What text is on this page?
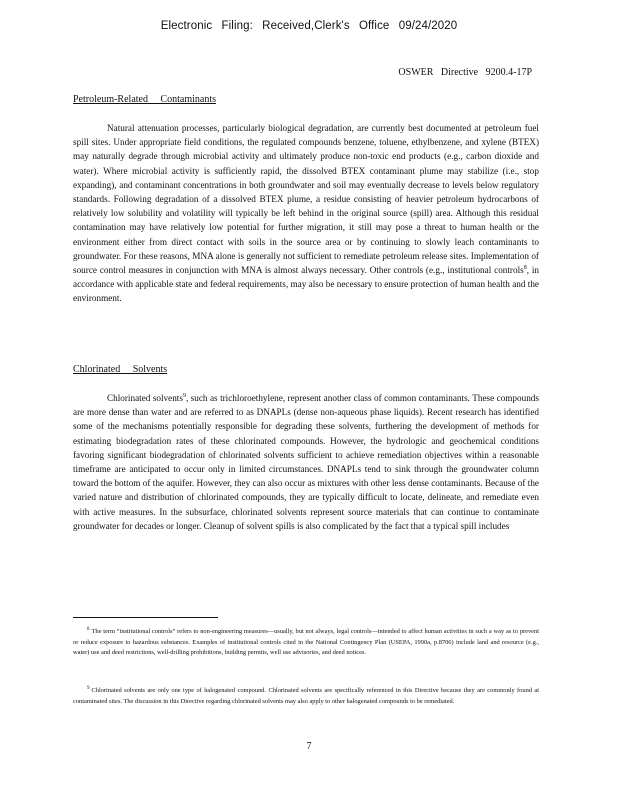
Electronic Filing: Received,Clerk's Office 09/24/2020
OSWER Directive 9200.4-17P
Petroleum-Related Contaminants

Natural attenuation processes, particularly biological degradation, are currently best documented at petroleum fuel spill sites. Under appropriate field conditions, the regulated compounds benzene, toluene, ethylbenzene, and xylene (BTEX) may naturally degrade through microbial activity and ultimately produce non-toxic end products (e.g., carbon dioxide and water). Where microbial activity is sufficiently rapid, the dissolved BTEX contaminant plume may stabilize (i.e., stop expanding), and contaminant concentrations in both groundwater and soil may eventually decrease to levels below regulatory standards. Following degradation of a dissolved BTEX plume, a residue consisting of heavier petroleum hydrocarbons of relatively low solubility and volatility will typically be left behind in the original source (spill) area. Although this residual contamination may have relatively low potential for further migration, it still may pose a threat to human health or the environment either from direct contact with soils in the source area or by continuing to slowly leach contaminants to groundwater. For these reasons, MNA alone is generally not sufficient to remediate petroleum release sites. Implementation of source control measures in conjunction with MNA is almost always necessary. Other controls (e.g., institutional controls$^8$, in accordance with applicable state and federal requirements, may also be necessary to ensure protection of human health and the environment.

Chlorinated Solvents

Chlorinated solvents$^9$, such as trichloroethylene, represent another class of common contaminants. These compounds are more dense than water and are referred to as DNAPLs (dense non-aqueous phase liquids). Recent research has identified some of the mechanisms potentially responsible for degrading these solvents, furthering the development of methods for estimating biodegradation rates of these chlorinated compounds. However, the hydrologic and geochemical conditions favoring significant biodegradation of chlorinated solvents sufficient to achieve remediation objectives within a reasonable timeframe are anticipated to occur only in limited circumstances. DNAPLs tend to sink through the groundwater column toward the bottom of the aquifer. However, they can also occur as mixtures with other less dense contaminants. Because of the varied nature and distribution of chlorinated compounds, they are typically difficult to locate, delineate, and remediate even with active measures. In the subsurface, chlorinated solvents represent source materials that can continue to contaminate groundwater for decades or longer. Cleanup of solvent spills is also complicated by the fact that a typical spill includes

$^8$ The term “institutional controls” refers to non-engineering measures—usually, but not always, legal controls—intended to affect human activities in such a way as to prevent or reduce exposure to hazardous substances. Examples of institutional controls cited in the National Contingency Plan (USEPA, 1990a, p.8706) include land and resource (e.g., water) use and deed restrictions, well-drilling prohibitions, building permits, well use advisories, and deed notices.

$^9$ Chlorinated solvents are only one type of halogenated compound. Chlorinated solvents are specifically referenced in this Directive because they are commonly found at contaminated sites. The discussion in this Directive regarding chlorinated solvents may also apply to other halogenated compounds to be remediated.

7
